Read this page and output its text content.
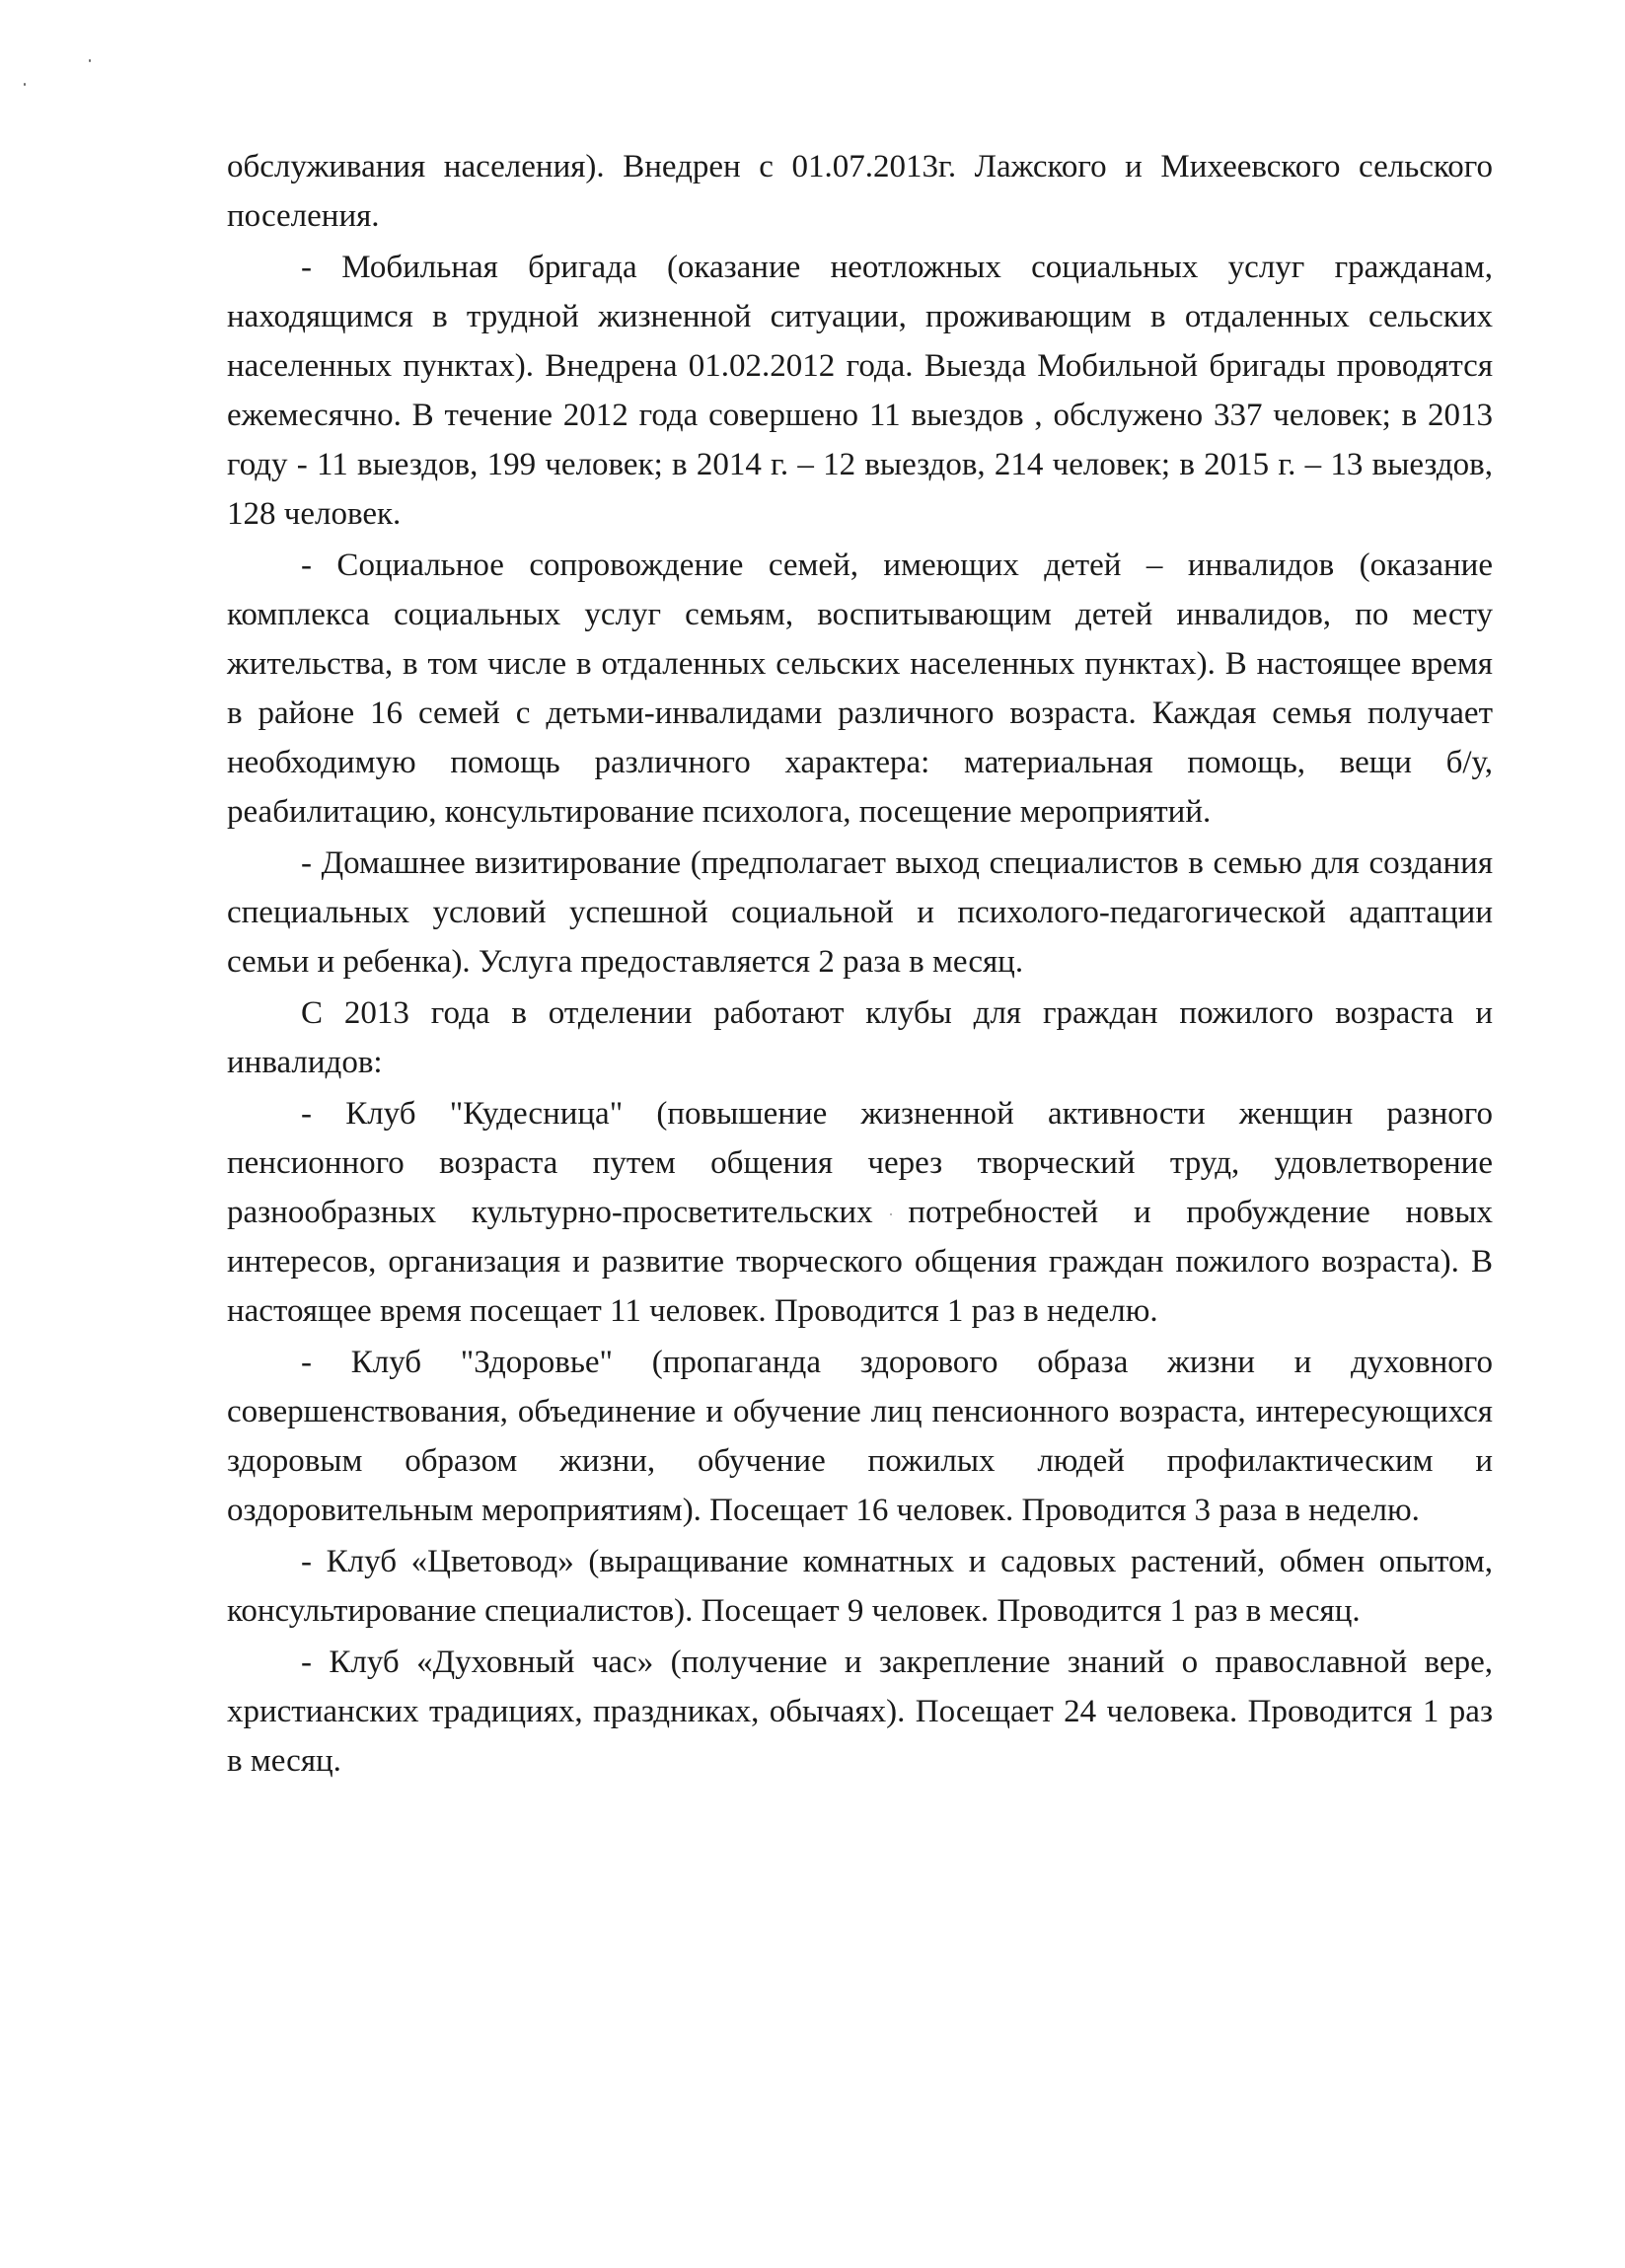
обслуживания населения). Внедрен с 01.07.2013г. Лажского и Михеевского сельского поселения.

- Мобильная бригада (оказание неотложных социальных услуг гражданам, находящимся в трудной жизненной ситуации, проживающим в отдаленных сельских населенных пунктах). Внедрена 01.02.2012 года. Выезда Мобильной бригады проводятся ежемесячно. В течение 2012 года совершено 11 выездов , обслужено 337 человек; в 2013 году - 11 выездов, 199 человек; в 2014 г. – 12 выездов, 214 человек; в 2015 г. – 13 выездов, 128 человек.

- Социальное сопровождение семей, имеющих детей – инвалидов (оказание комплекса социальных услуг семьям, воспитывающим детей инвалидов, по месту жительства, в том числе в отдаленных сельских населенных пунктах). В настоящее время в районе 16 семей с детьми-инвалидами различного возраста. Каждая семья получает необходимую помощь различного характера: материальная помощь, вещи б/у, реабилитацию, консультирование психолога, посещение мероприятий.

- Домашнее визитирование (предполагает выход специалистов в семью для создания специальных условий успешной социальной и психолого-педагогической адаптации семьи и ребенка). Услуга предоставляется 2 раза в месяц.

С 2013 года в отделении работают клубы для граждан пожилого возраста и инвалидов:

- Клуб "Кудесница" (повышение жизненной активности женщин разного пенсионного возраста путем общения через творческий труд, удовлетворение разнообразных культурно-просветительских потребностей и пробуждение новых интересов, организация и развитие творческого общения граждан пожилого возраста). В настоящее время посещает 11 человек. Проводится 1 раз в неделю.

- Клуб "Здоровье" (пропаганда здорового образа жизни и духовного совершенствования, объединение и обучение лиц пенсионного возраста, интересующихся здоровым образом жизни, обучение пожилых людей профилактическим и оздоровительным мероприятиям). Посещает 16 человек. Проводится 3 раза в неделю.

- Клуб «Цветовод» (выращивание комнатных и садовых растений, обмен опытом, консультирование специалистов). Посещает 9 человек. Проводится 1 раз в месяц.

- Клуб «Духовный час» (получение и закрепление знаний о православной вере, христианских традициях, праздниках, обычаях). Посещает 24 человека. Проводится 1 раз в месяц.
